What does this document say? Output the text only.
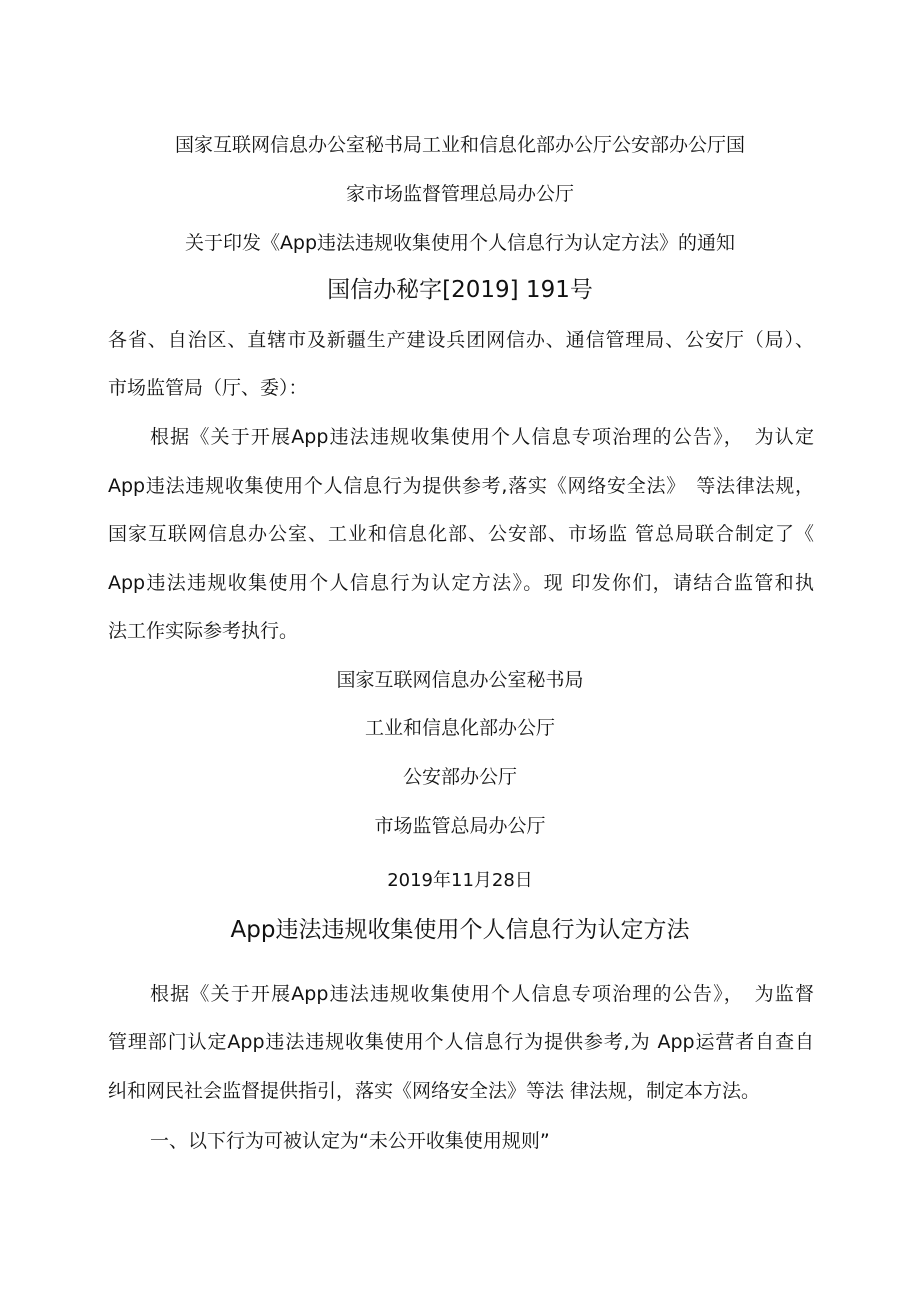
国家互联网信息办公室秘书局工业和信息化部办公厅公安部办公厅国
家市场监督管理总局办公厅
关于印发《App违法违规收集使用个人信息行为认定方法》的通知
国信办秘字[2019] 191号
各省、自治区、直辖市及新疆生产建设兵团网信办、通信管理局、公安厅（局）、
市场监管局（厅、委）：
根据《关于开展App违法违规收集使用个人信息专项治理的公告》，　为认定
App违法违规收集使用个人信息行为提供参考,落实《网络安全法》　等法律法规，
国家互联网信息办公室、工业和信息化部、公安部、市场监 管总局联合制定了《
App违法违规收集使用个人信息行为认定方法》。现 印发你们，请结合监管和执
法工作实际参考执行。
国家互联网信息办公室秘书局
工业和信息化部办公厅
公安部办公厅
市场监管总局办公厅
2019年11月28日
App违法违规收集使用个人信息行为认定方法
根据《关于开展App违法违规收集使用个人信息专项治理的公告》，　为监督
管理部门认定App违法违规收集使用个人信息行为提供参考,为 App运营者自查自
纠和网民社会监督提供指引，落实《网络安全法》等法 律法规，制定本方法。
一、以下行为可被认定为“未公开收集使用规则”
